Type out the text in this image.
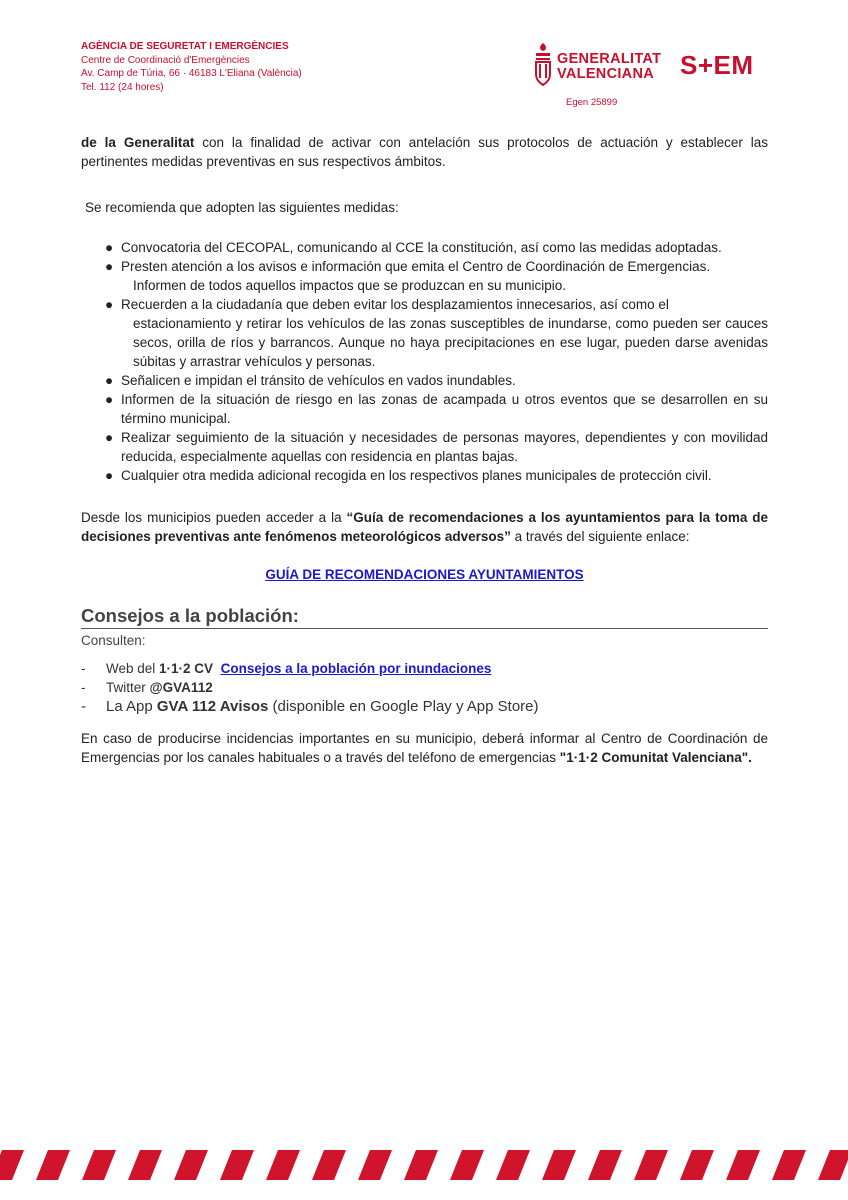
AGÈNCIA DE SEGURETAT I EMERGÈNCIES
Centre de Coordinació d'Emergències
Av. Camp de Túria, 66 · 46183 L'Eliana (València)
Tel. 112 (24 hores)
GENERALITAT
VALENCIANA S+EM
Egen 25899

de la Generalitat con la finalidad de activar con antelación sus protocolos de actuación y establecer las pertinentes medidas preventivas en sus respectivos ámbitos.

Se recomienda que adopten las siguientes medidas:
● Convocatoria del CECOPAL, comunicando al CCE la constitución, así como las medidas adoptadas.
● Presten atención a los avisos e información que emita el Centro de Coordinación de Emergencias.
Informen de todos aquellos impactos que se produzcan en su municipio.
● Recuerden a la ciudadanía que deben evitar los desplazamientos innecesarios, así como el
estacionamiento y retirar los vehículos de las zonas susceptibles de inundarse, como pueden ser cauces secos, orilla de ríos y barrancos. Aunque no haya precipitaciones en ese lugar, pueden darse avenidas súbitas y arrastrar vehículos y personas.
● Señalicen e impidan el tránsito de vehículos en vados inundables.
● Informen de la situación de riesgo en las zonas de acampada u otros eventos que se desarrollen en su término municipal.
● Realizar seguimiento de la situación y necesidades de personas mayores, dependientes y con movilidad reducida, especialmente aquellas con residencia en plantas bajas.
● Cualquier otra medida adicional recogida en los respectivos planes municipales de protección civil.

Desde los municipios pueden acceder a la “Guía de recomendaciones a los ayuntamientos para la toma de decisiones preventivas ante fenómenos meteorológicos adversos” a través del siguiente enlace:

GUÍA DE RECOMENDACIONES AYUNTAMIENTOS
Consejos a la población:
Consulten:
- Web del 1·1·2 CV Consejos a la población por inundaciones
- Twitter @GVA112
- La App GVA 112 Avisos (disponible en Google Play y App Store)

En caso de producirse incidencias importantes en su municipio, deberá informar al Centro de Coordinación de Emergencias por los canales habituales o a través del teléfono de emergencias "1·1·2 Comunitat Valenciana".
